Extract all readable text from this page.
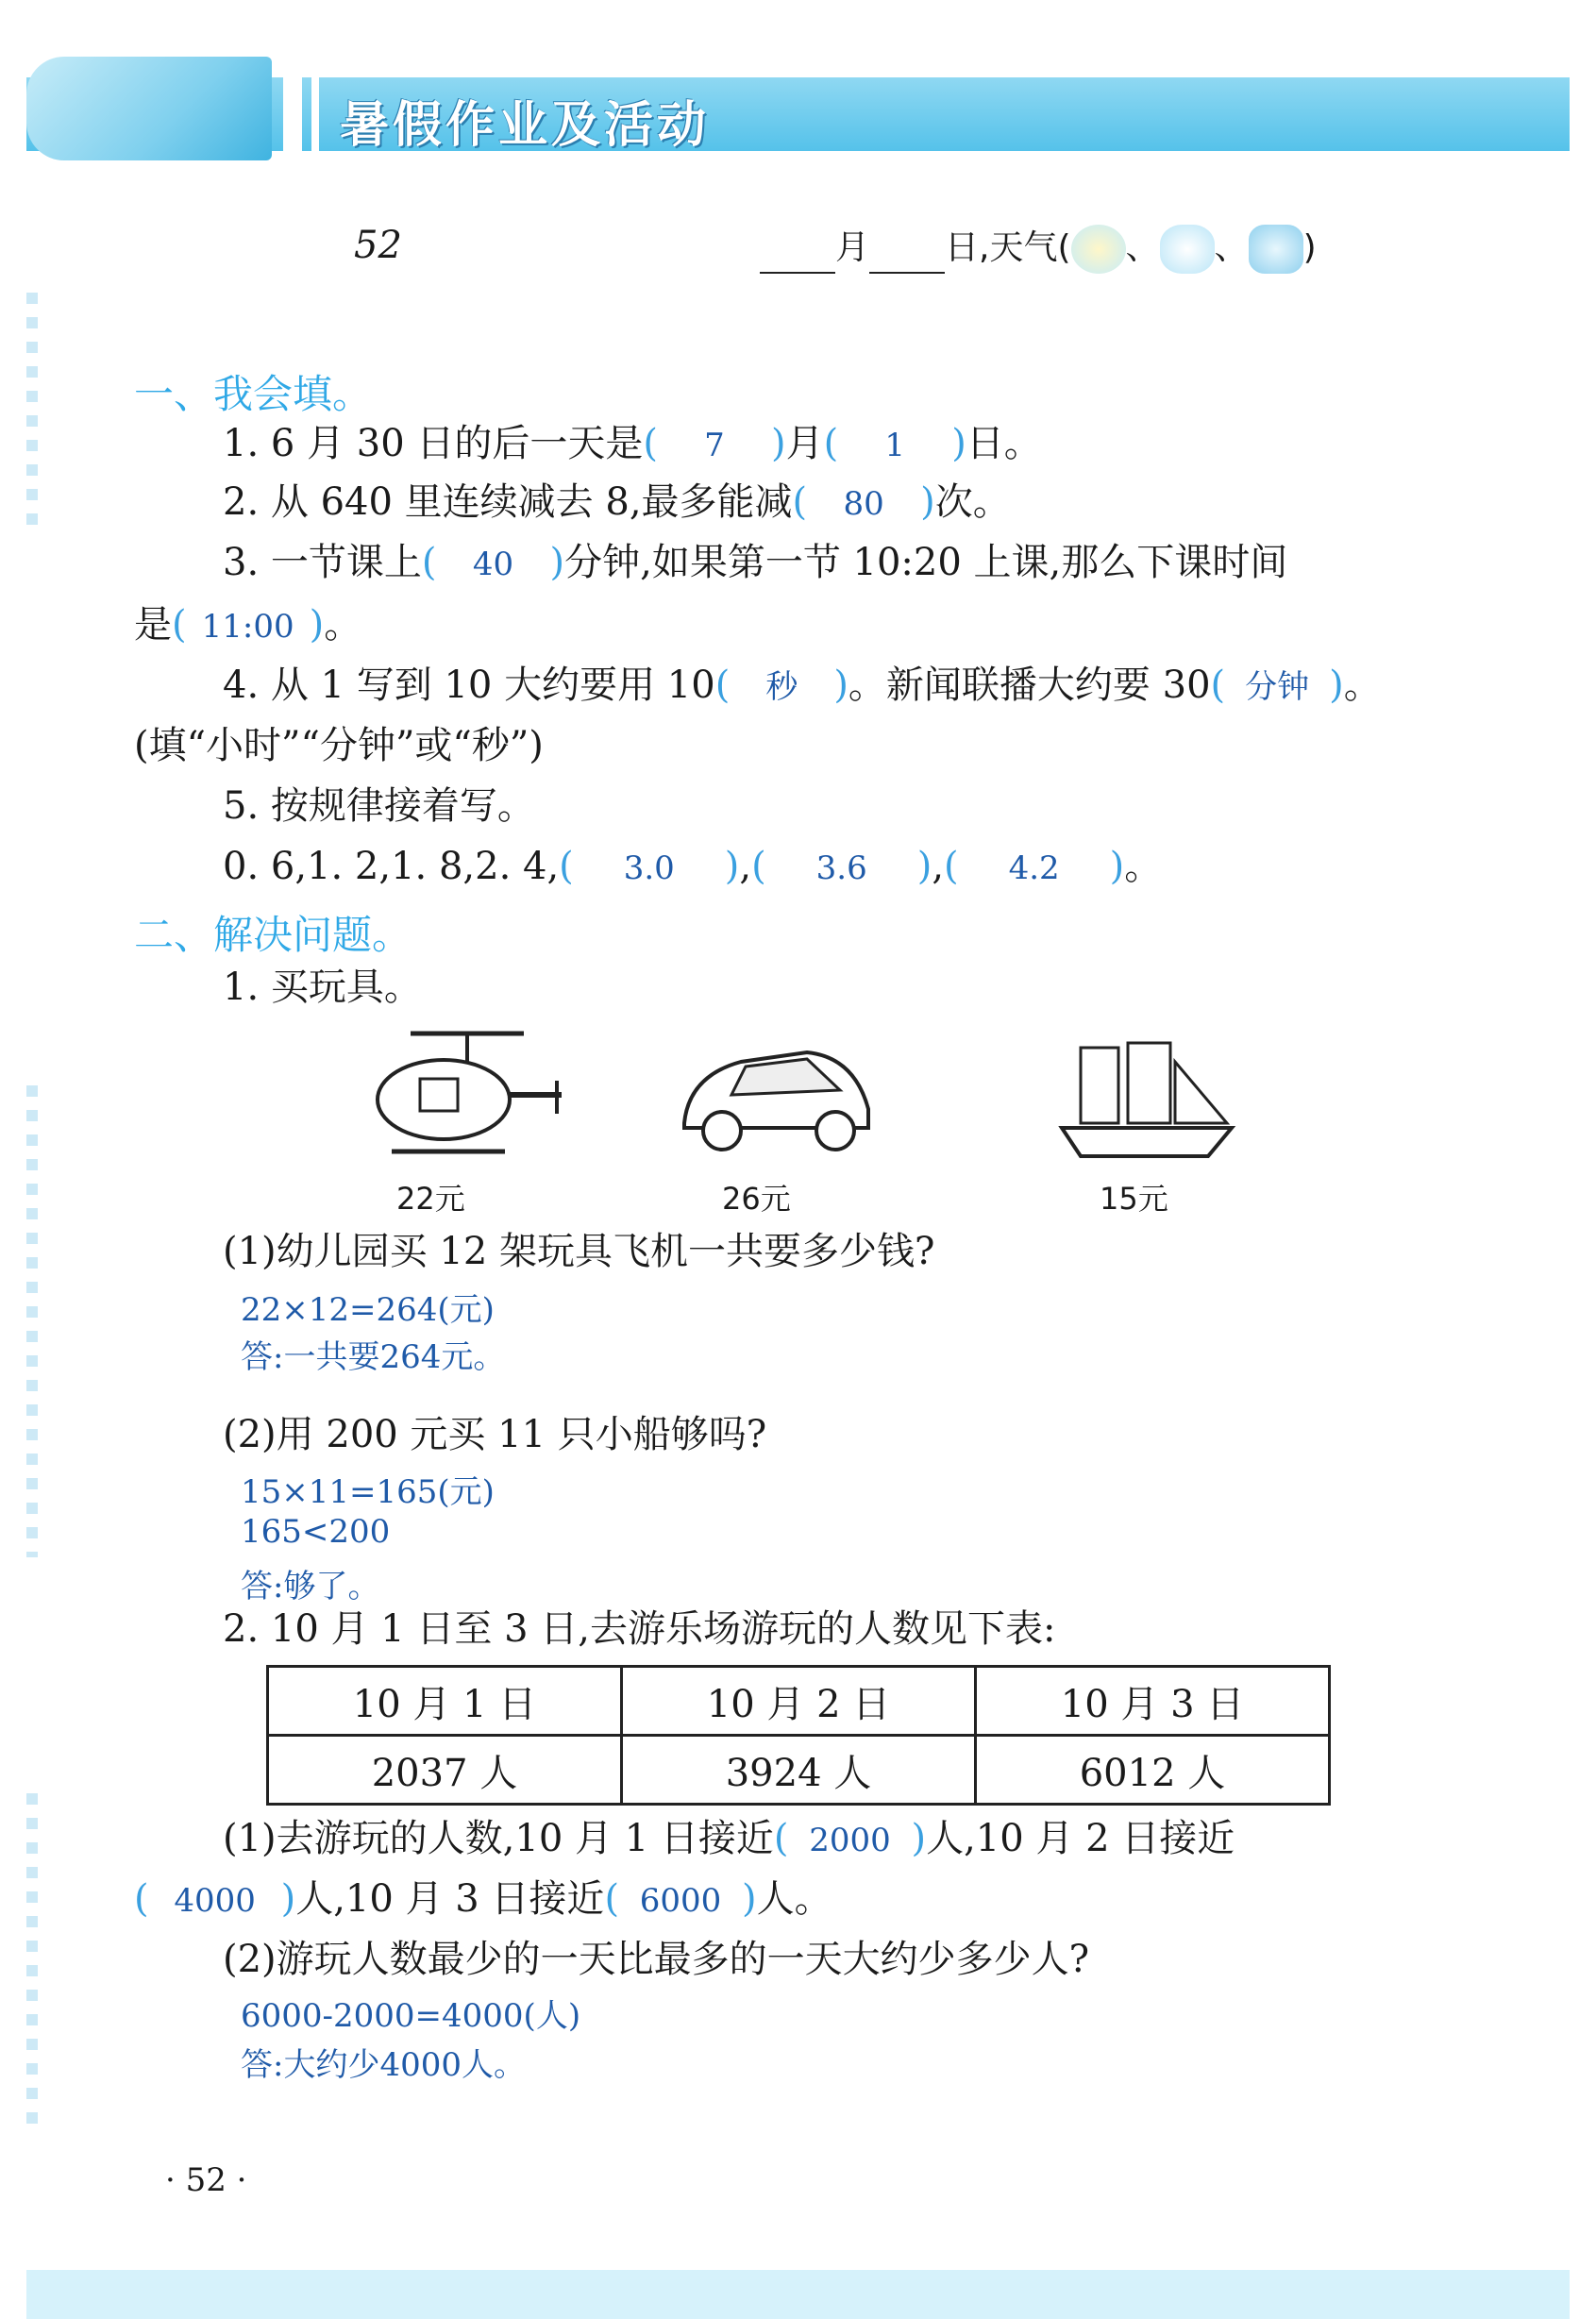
暑假作业及活动
52	月 日,天气( 、 、 )
一、我会填。
1. 6 月 30 日的后一天是( 7 )月( 1 )日。
2. 从 640 里连续减去 8,最多能减( 80 )次。
3. 一节课上( 40 )分钟,如果第一节 10:20 上课,那么下课时间
是( 11:00 )。
4. 从 1 写到 10 大约要用 10( 秒 )。新闻联播大约要 30( 分钟 )。
(填“小时”“分钟”或“秒”)
5. 按规律接着写。
0. 6,1. 2,1. 8,2. 4,( 3.0 ),( 3.6 ),( 4.2 )。
二、解决问题。
1. 买玩具。
22元	26元	15元
(1)幼儿园买 12 架玩具飞机一共要多少钱?
22×12=264(元)
答:一共要264元。
(2)用 200 元买 11 只小船够吗?
15×11=165(元)
165<200
答:够了。
2. 10 月 1 日至 3 日,去游乐场游玩的人数见下表:
10 月 1 日	10 月 2 日	10 月 3 日
2037 人	3924 人	6012 人
(1)去游玩的人数,10 月 1 日接近( 2000 )人,10 月 2 日接近
( 4000 )人,10 月 3 日接近( 6000 )人。
(2)游玩人数最少的一天比最多的一天大约少多少人?
6000-2000=4000(人)
答:大约少4000人。
· 52 ·
